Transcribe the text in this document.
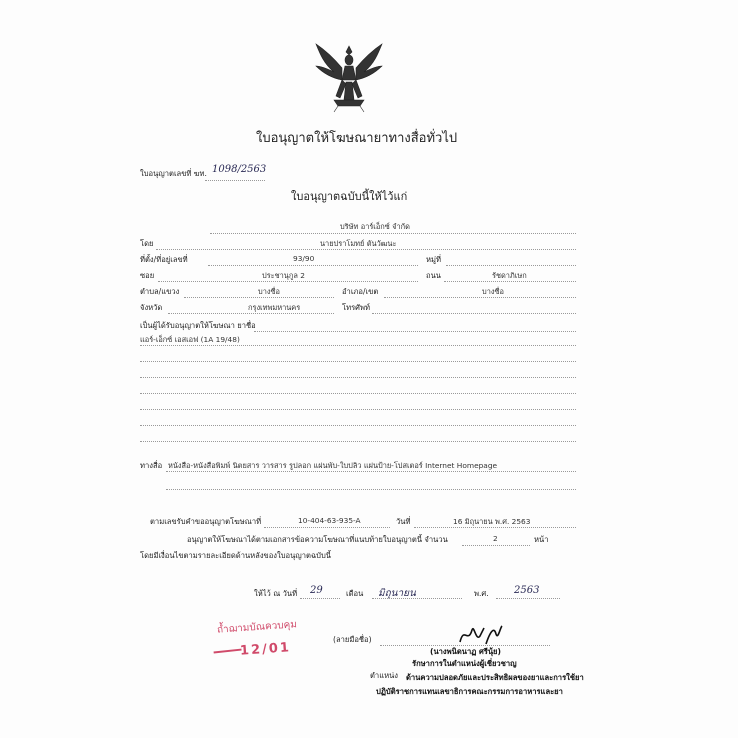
ใบอนุญาตให้โฆษณายาทางสื่อทั่วไป
ใบอนุญาตเลขที่ ฆท. 1098/2563
ใบอนุญาตฉบับนี้ให้ไว้แก่
บริษัท อาร์เอ็กซ์ จำกัด
โดย	นายปราโมทย์ ตันวัฒนะ
ที่ตั้ง/ที่อยู่เลขที่	93/90	หมู่ที่
ซอย	ประชานุกูล 2	ถนน	รัชดาภิเษก
ตำบล/แขวง	บางซื่อ	อำเภอ/เขต	บางซื่อ
จังหวัด	กรุงเทพมหานคร	โทรศัพท์
เป็นผู้ได้รับอนุญาตให้โฆษณา ยาชื่อ
แอร์-เอ็กซ์ เอสเอฟ (1A 19/48)
ทางสื่อ หนังสือ-หนังสือพิมพ์ นิตยสาร วารสาร รูปลอก แผ่นพับ-ใบปลิว แผ่นป้าย-โปสเตอร์ Internet Homepage
ตามเลขรับคำขออนุญาตโฆษณาที่	10-404-63-935-A	วันที่	16 มิถุนายน พ.ศ. 2563
อนุญาตให้โฆษณาได้ตามเอกสารข้อความโฆษณาที่แนบท้ายใบอนุญาตนี้ จำนวน	2	หน้า
โดยมีเงื่อนไขตามรายละเอียดด้านหลังของใบอนุญาตฉบับนี้
ให้ไว้ ณ วันที่ 29	เดือน มิถุนายน	พ.ศ.	2563
ถ้ำฌามบัณควบคุม
12/01
(ลายมือชื่อ)
(นางพนิดนาฏ ศรีนุ้ย)
รักษาการในตำแหน่งผู้เชี่ยวชาญ
ตำแหน่ง ด้านความปลอดภัยและประสิทธิผลของยาและการใช้ยา
ปฏิบัติราชการแทนเลขาธิการคณะกรรมการอาหารและยา
